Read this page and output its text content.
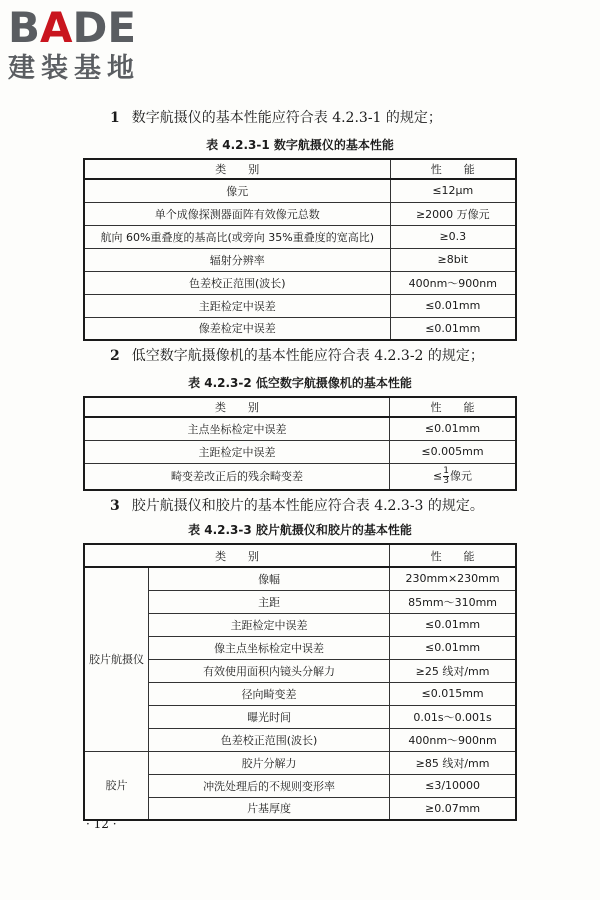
BADE
建装基地
1 数字航摄仪的基本性能应符合表 4.2.3-1 的规定；
表 4.2.3-1 数字航摄仪的基本性能
类　　别	性　　能
像元	≤12μm
单个成像探测器面阵有效像元总数	≥2000 万像元
航向 60%重叠度的基高比(或旁向 35%重叠度的宽高比)	≥0.3
辐射分辨率	≥8bit
色差校正范围(波长)	400nm～900nm
主距检定中误差	≤0.01mm
像差检定中误差	≤0.01mm
2 低空数字航摄像机的基本性能应符合表 4.2.3-2 的规定；
表 4.2.3-2 低空数字航摄像机的基本性能
类　　别	性　　能
主点坐标检定中误差	≤0.01mm
主距检定中误差	≤0.005mm
畸变差改正后的残余畸变差	≤ $\frac{1}{3}$ 像元
3 胶片航摄仪和胶片的基本性能应符合表 4.2.3-3 的规定。
表 4.2.3-3 胶片航摄仪和胶片的基本性能
类　　别		性　　能
胶片航摄仪	像幅	230mm×230mm
	主距	85mm～310mm
	主距检定中误差	≤0.01mm
	像主点坐标检定中误差	≤0.01mm
	有效使用面积内镜头分解力	≥25 线对/mm
	径向畸变差	≤0.015mm
	曝光时间	0.01s～0.001s
	色差校正范围(波长)	400nm～900nm
胶片	胶片分解力	≥85 线对/mm
	冲洗处理后的不规则变形率	≤3/10000
	片基厚度	≥0.07mm
· 12 ·
